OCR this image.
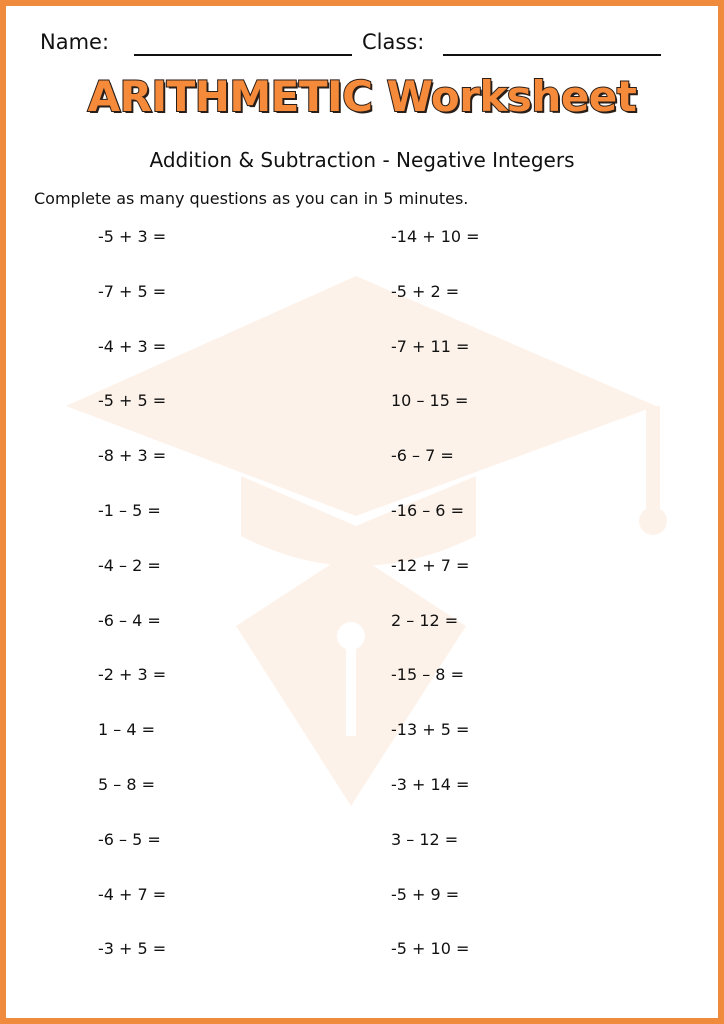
Name:	Class:
ARITHMETIC Worksheet
Addition & Subtraction - Negative Integers
Complete as many questions as you can in 5 minutes.
-5 + 3 =
-7 + 5 =
-4 + 3 =
-5 + 5 =
-8 + 3 =
-1 – 5 =
-4 – 2 =
-6 – 4 =
-2 + 3 =
1 – 4 =
5 – 8 =
-6 – 5 =
-4 + 7 =
-3 + 5 =
-14 + 10 =
-5 + 2 =
-7 + 11 =
10 – 15 =
-6 – 7 =
-16 – 6 =
-12 + 7 =
2 – 12 =
-15 – 8 =
-13 + 5 =
-3 + 14 =
3 – 12 =
-5 + 9 =
-5 + 10 =
